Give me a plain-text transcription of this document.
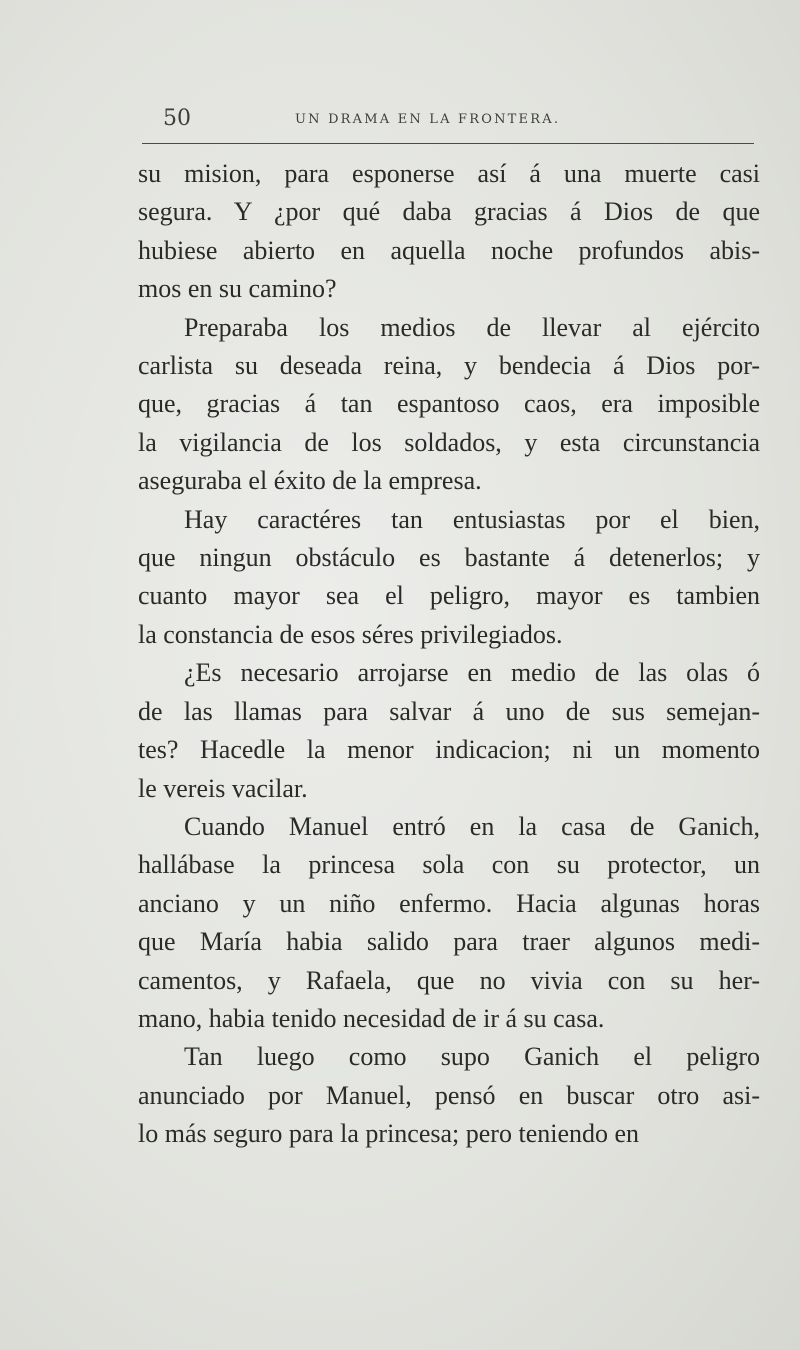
50	UN DRAMA EN LA FRONTERA.
su mision, para esponerse así á una muerte casi
segura. Y ¿por qué daba gracias á Dios de que
hubiese abierto en aquella noche profundos abis-
mos en su camino?
Preparaba los medios de llevar al ejército
carlista su deseada reina, y bendecia á Dios por-
que, gracias á tan espantoso caos, era imposible
la vigilancia de los soldados, y esta circunstancia
aseguraba el éxito de la empresa.
Hay caractéres tan entusiastas por el bien,
que ningun obstáculo es bastante á detenerlos; y
cuanto mayor sea el peligro, mayor es tambien
la constancia de esos séres privilegiados.
¿Es necesario arrojarse en medio de las olas ó
de las llamas para salvar á uno de sus semejan-
tes? Hacedle la menor indicacion; ni un momento
le vereis vacilar.
Cuando Manuel entró en la casa de Ganich,
hallábase la princesa sola con su protector, un
anciano y un niño enfermo. Hacia algunas horas
que María habia salido para traer algunos medi-
camentos, y Rafaela, que no vivia con su her-
mano, habia tenido necesidad de ir á su casa.
Tan luego como supo Ganich el peligro
anunciado por Manuel, pensó en buscar otro asi-
lo más seguro para la princesa; pero teniendo en
